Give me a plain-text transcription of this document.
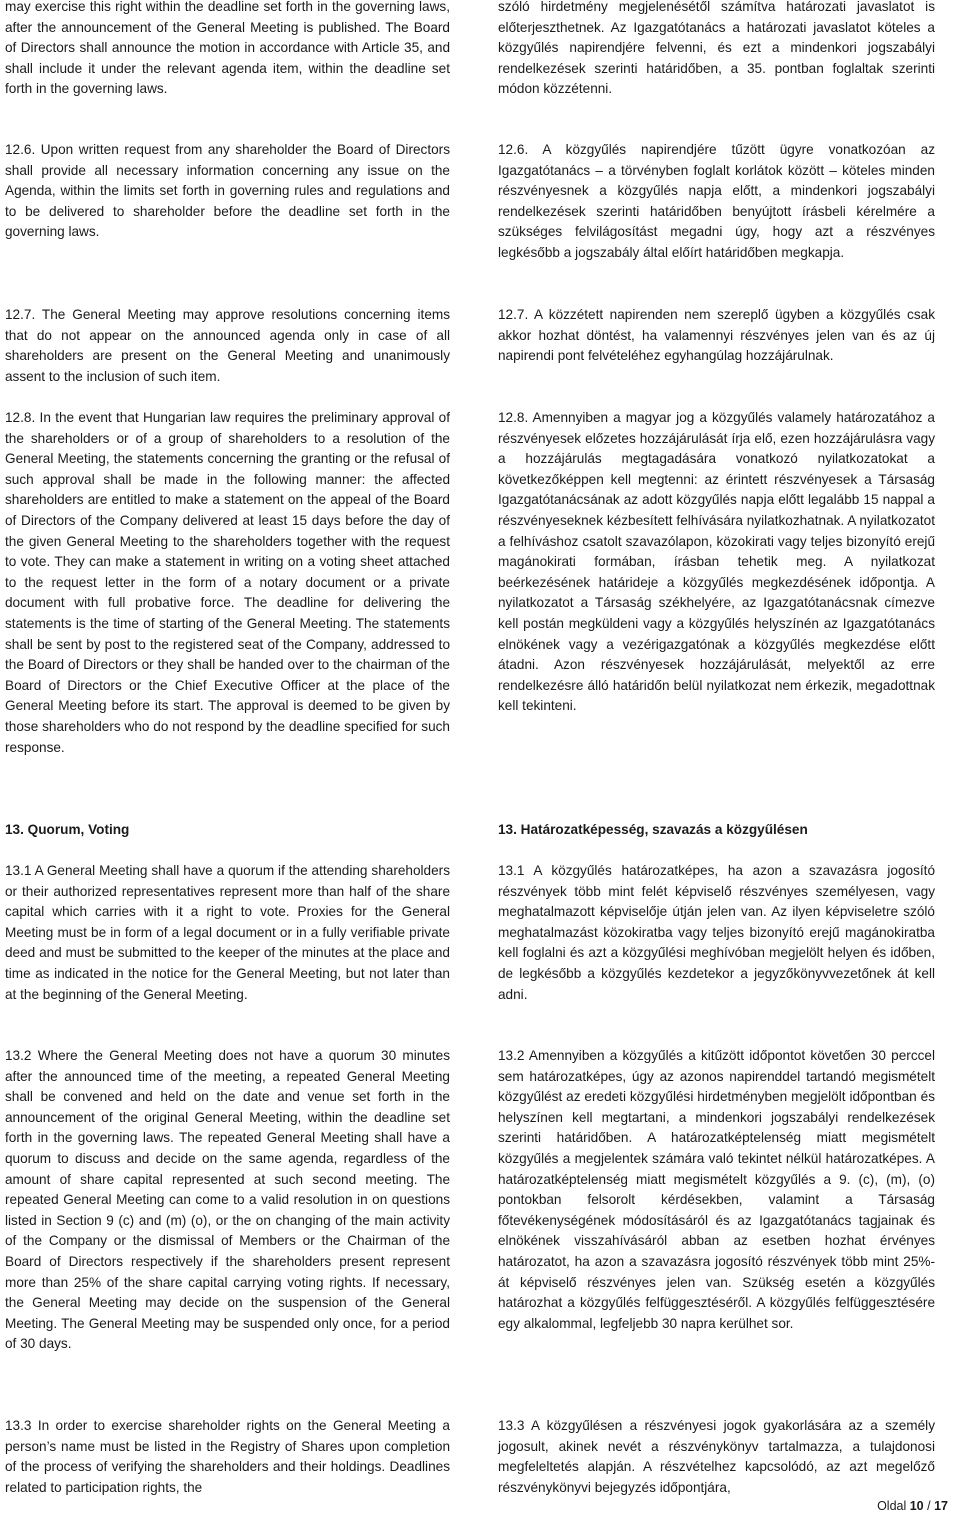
may exercise this right within the deadline set forth in the governing laws, after the announcement of the General Meeting is published. The Board of Directors shall announce the motion in accordance with Article 35, and shall include it under the relevant agenda item, within the deadline set forth in the governing laws.

12.6. Upon written request from any shareholder the Board of Directors shall provide all necessary information concerning any issue on the Agenda, within the limits set forth in governing rules and regulations and to be delivered to shareholder before the deadline set forth in the governing laws.

12.7. The General Meeting may approve resolutions concerning items that do not appear on the announced agenda only in case of all shareholders are present on the General Meeting and unanimously assent to the inclusion of such item.

12.8. In the event that Hungarian law requires the preliminary approval of the shareholders or of a group of shareholders to a resolution of the General Meeting, the statements concerning the granting or the refusal of such approval shall be made in the following manner: the affected shareholders are entitled to make a statement on the appeal of the Board of Directors of the Company delivered at least 15 days before the day of the given General Meeting to the shareholders together with the request to vote. They can make a statement in writing on a voting sheet attached to the request letter in the form of a notary document or a private document with full probative force. The deadline for delivering the statements is the time of starting of the General Meeting. The statements shall be sent by post to the registered seat of the Company, addressed to the Board of Directors or they shall be handed over to the chairman of the Board of Directors or the Chief Executive Officer at the place of the General Meeting before its start. The approval is deemed to be given by those shareholders who do not respond by the deadline specified for such response.

13. Quorum, Voting

13.1 A General Meeting shall have a quorum if the attending shareholders or their authorized representatives represent more than half of the share capital which carries with it a right to vote. Proxies for the General Meeting must be in form of a legal document or in a fully verifiable private deed and must be submitted to the keeper of the minutes at the place and time as indicated in the notice for the General Meeting, but not later than at the beginning of the General Meeting.

13.2 Where the General Meeting does not have a quorum 30 minutes after the announced time of the meeting, a repeated General Meeting shall be convened and held on the date and venue set forth in the announcement of the original General Meeting, within the deadline set forth in the governing laws. The repeated General Meeting shall have a quorum to discuss and decide on the same agenda, regardless of the amount of share capital represented at such second meeting. The repeated General Meeting can come to a valid resolution in on questions listed in Section 9 (c) and (m) (o), or the on changing of the main activity of the Company or the dismissal of Members or the Chairman of the Board of Directors respectively if the shareholders present represent more than 25% of the share capital carrying voting rights. If necessary, the General Meeting may decide on the suspension of the General Meeting. The General Meeting may be suspended only once, for a period of 30 days.

13.3 In order to exercise shareholder rights on the General Meeting a person’s name must be listed in the Registry of Shares upon completion of the process of verifying the shareholders and their holdings. Deadlines related to participation rights, the

szóló hirdetmény megjelenésétől számítva határozati javaslatot is előterjeszthetnek. Az Igazgatótanács a határozati javaslatot köteles a közgyűlés napirendjére felvenni, és ezt a mindenkori jogszabályi rendelkezések szerinti határidőben, a 35. pontban foglaltak szerinti módon közzétenni.

12.6. A közgyűlés napirendjére tűzött ügyre vonatkozóan az Igazgatótanács – a törvényben foglalt korlátok között – köteles minden részvényesnek a közgyűlés napja előtt, a mindenkori jogszabályi rendelkezések szerinti határidőben benyújtott írásbeli kérelmére a szükséges felvilágosítást megadni úgy, hogy azt a részvényes legkésőbb a jogszabály által előírt határidőben megkapja.

12.7. A közzétett napirenden nem szereplő ügyben a közgyűlés csak akkor hozhat döntést, ha valamennyi részvényes jelen van és az új napirendi pont felvételéhez egyhangúlag hozzájárulnak.

12.8. Amennyiben a magyar jog a közgyűlés valamely határozatához a részvényesek előzetes hozzájárulását írja elő, ezen hozzájárulásra vagy a hozzájárulás megtagadására vonatkozó nyilatkozatokat a következőképpen kell megtenni: az érintett részvényesek a Társaság Igazgatótanácsának az adott közgyűlés napja előtt legalább 15 nappal a részvényeseknek kézbesített felhívására nyilatkozhatnak. A nyilatkozatot a felhíváshoz csatolt szavazólapon, közokirati vagy teljes bizonyító erejű magánokirati formában, írásban tehetik meg. A nyilatkozat beérkezésének határideje a közgyűlés megkezdésének időpontja. A nyilatkozatot a Társaság székhelyére, az Igazgatótanácsnak címezve kell postán megküldeni vagy a közgyűlés helyszínén az Igazgatótanács elnökének vagy a vezérigazgatónak a közgyűlés megkezdése előtt átadni. Azon részvényesek hozzájárulását, melyektől az erre rendelkezésre álló határidőn belül nyilatkozat nem érkezik, megadottnak kell tekinteni.

13. Határozatképesség, szavazás a közgyűlésen

13.1 A közgyűlés határozatképes, ha azon a szavazásra jogosító részvények több mint felét képviselő részvényes személyesen, vagy meghatalmazott képviselője útján jelen van. Az ilyen képviseletre szóló meghatalmazást közokiratba vagy teljes bizonyító erejű magánokiratba kell foglalni és azt a közgyűlési meghívóban megjelölt helyen és időben, de legkésőbb a közgyűlés kezdetekor a jegyzőkönyvvezetőnek át kell adni.

13.2 Amennyiben a közgyűlés a kitűzött időpontot követően 30 perccel sem határozatképes, úgy az azonos napirenddel tartandó megismételt közgyűlést az eredeti közgyűlési hirdetményben megjelölt időpontban és helyszínen kell megtartani, a mindenkori jogszabályi rendelkezések szerinti határidőben. A határozatképtelenség miatt megismételt közgyűlés a megjelentek számára való tekintet nélkül határozatképes. A határozatképtelenség miatt megismételt közgyűlés a 9. (c), (m), (o) pontokban felsorolt kérdésekben, valamint a Társaság főtevékenységének módosításáról és az Igazgatótanács tagjainak és elnökének visszahívásáról abban az esetben hozhat érvényes határozatot, ha azon a szavazásra jogosító részvények több mint 25%-át képviselő részvényes jelen van. Szükség esetén a közgyűlés határozhat a közgyűlés felfüggesztéséről. A közgyűlés felfüggesztésére egy alkalommal, legfeljebb 30 napra kerülhet sor.

13.3 A közgyűlésen a részvényesi jogok gyakorlására az a személy jogosult, akinek nevét a részvénykönyv tartalmazza, a tulajdonosi megfeleltetés alapján. A részvételhez kapcsolódó, az azt megelőző részvénykönyvi bejegyzés időpontjára,

Oldal 10 / 17
